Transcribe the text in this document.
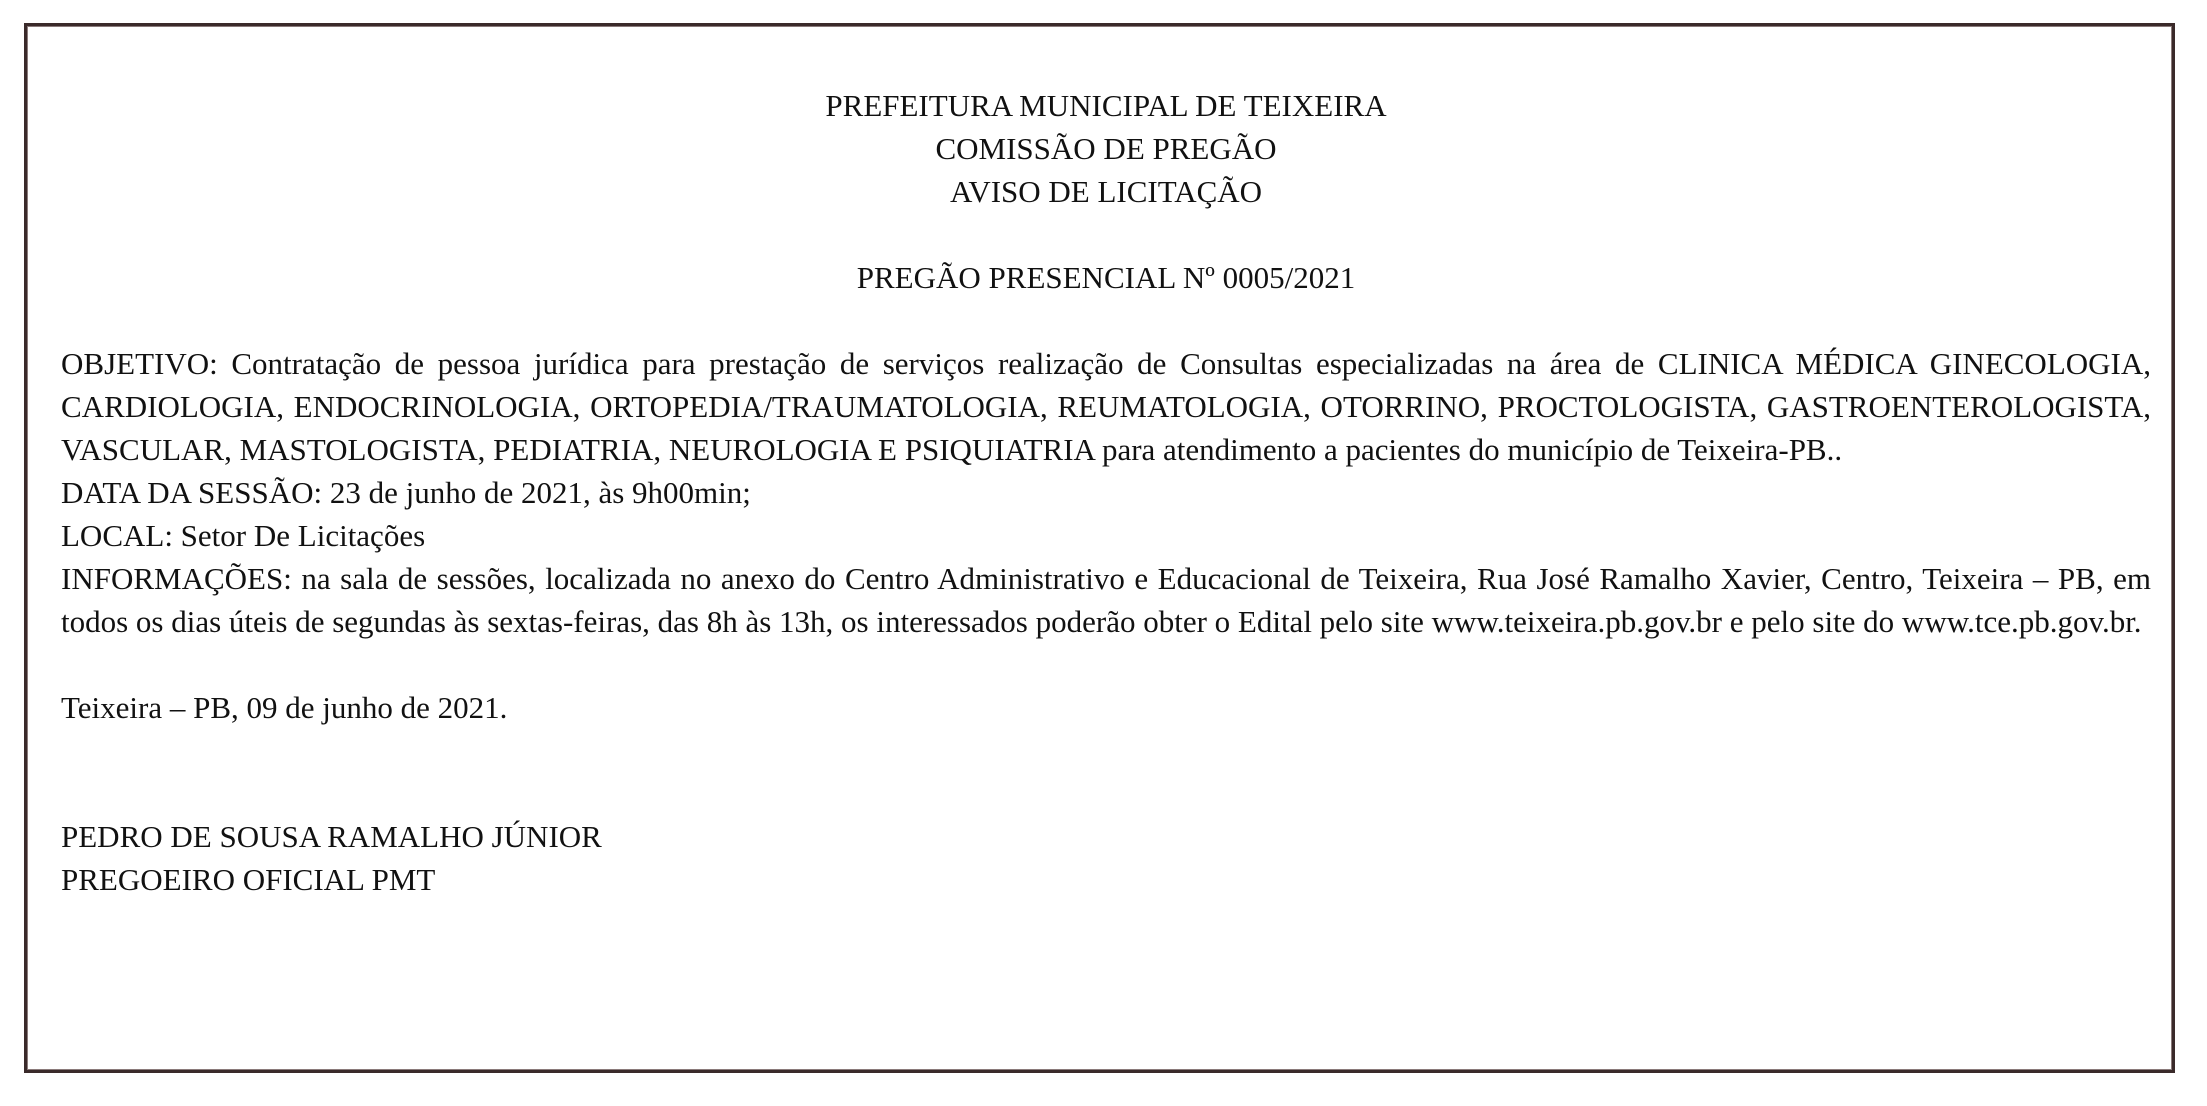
PREFEITURA MUNICIPAL DE TEIXEIRA

COMISSÃO DE PREGÃO

AVISO DE LICITAÇÃO

PREGÃO PRESENCIAL Nº 0005/2021

OBJETIVO: Contratação de pessoa jurídica para prestação de serviços realização de Consultas especializadas na área de CLINICA MÉDICA GINECOLOGIA, CARDIOLOGIA, ENDOCRINOLOGIA, ORTOPEDIA/TRAUMATOLOGIA, REUMATOLOGIA, OTORRINO, PROCTOLOGISTA, GASTROENTEROLOGISTA, VASCULAR, MASTOLOGISTA, PEDIATRIA, NEUROLOGIA E PSIQUIATRIA para atendimento a pacientes do município de Teixeira-PB..

DATA DA SESSÃO: 23 de junho de 2021, às 9h00min;

LOCAL: Setor De Licitações

INFORMAÇÕES: na sala de sessões, localizada no anexo do Centro Administrativo e Educacional de Teixeira, Rua José Ramalho Xavier, Centro, Teixeira – PB, em todos os dias úteis de segundas às sextas-feiras, das 8h às 13h, os interessados poderão obter o Edital pelo site www.teixeira.pb.gov.br e pelo site do www.tce.pb.gov.br.

Teixeira – PB, 09 de junho de 2021.

PEDRO DE SOUSA RAMALHO JÚNIOR

PREGOEIRO OFICIAL PMT
